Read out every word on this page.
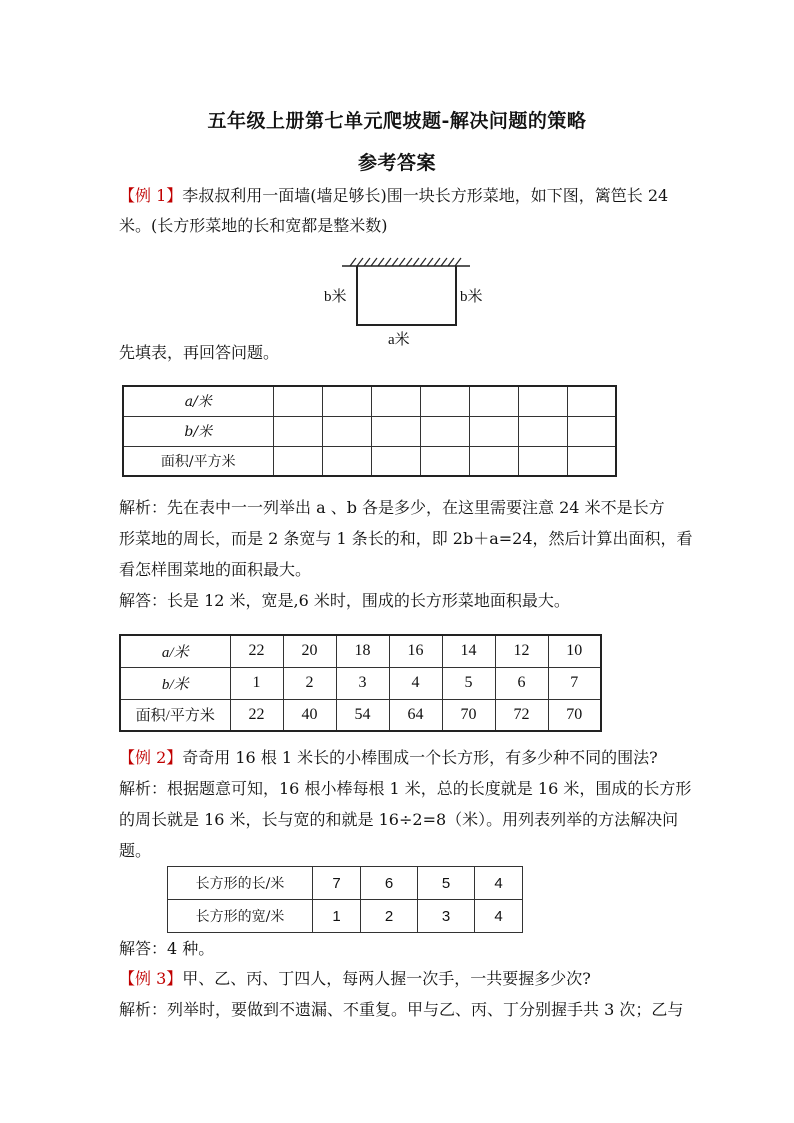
五年级上册第七单元爬坡题-解决问题的策略
参考答案
【例 1】李叔叔利用一面墙(墙足够长)围一块长方形菜地，如下图，篱笆长 24
米。(长方形菜地的长和宽都是整米数)
b米	b米
a米
先填表，再回答问题。
a/米							
b/米							
面积/平方米							
解析：先在表中一一列举出 a 、b 各是多少，在这里需要注意 24 米不是长方
形菜地的周长，而是 2 条宽与 1 条长的和，即 2b＋a=24，然后计算出面积，看
看怎样围菜地的面积最大。
解答：长是 12 米，宽是,6 米时，围成的长方形菜地面积最大。
a/米	22	20	18	16	14	12	10
b/米	1	2	3	4	5	6	7
面积/平方米	22	40	54	64	70	72	70
【例 2】奇奇用 16 根 1 米长的小棒围成一个长方形，有多少种不同的围法?
解析：根据题意可知，16 根小棒每根 1 米，总的长度就是 16 米，围成的长方形
的周长就是 16 米，长与宽的和就是 16÷2=8（米）。用列表列举的方法解决问
题。
长方形的长/米	7	6	5	4
长方形的宽/米	1	2	3	4
解答：4 种。
【例 3】甲、乙、丙、丁四人，每两人握一次手，一共要握多少次?
解析：列举时，要做到不遗漏、不重复。甲与乙、丙、丁分别握手共 3 次；乙与
